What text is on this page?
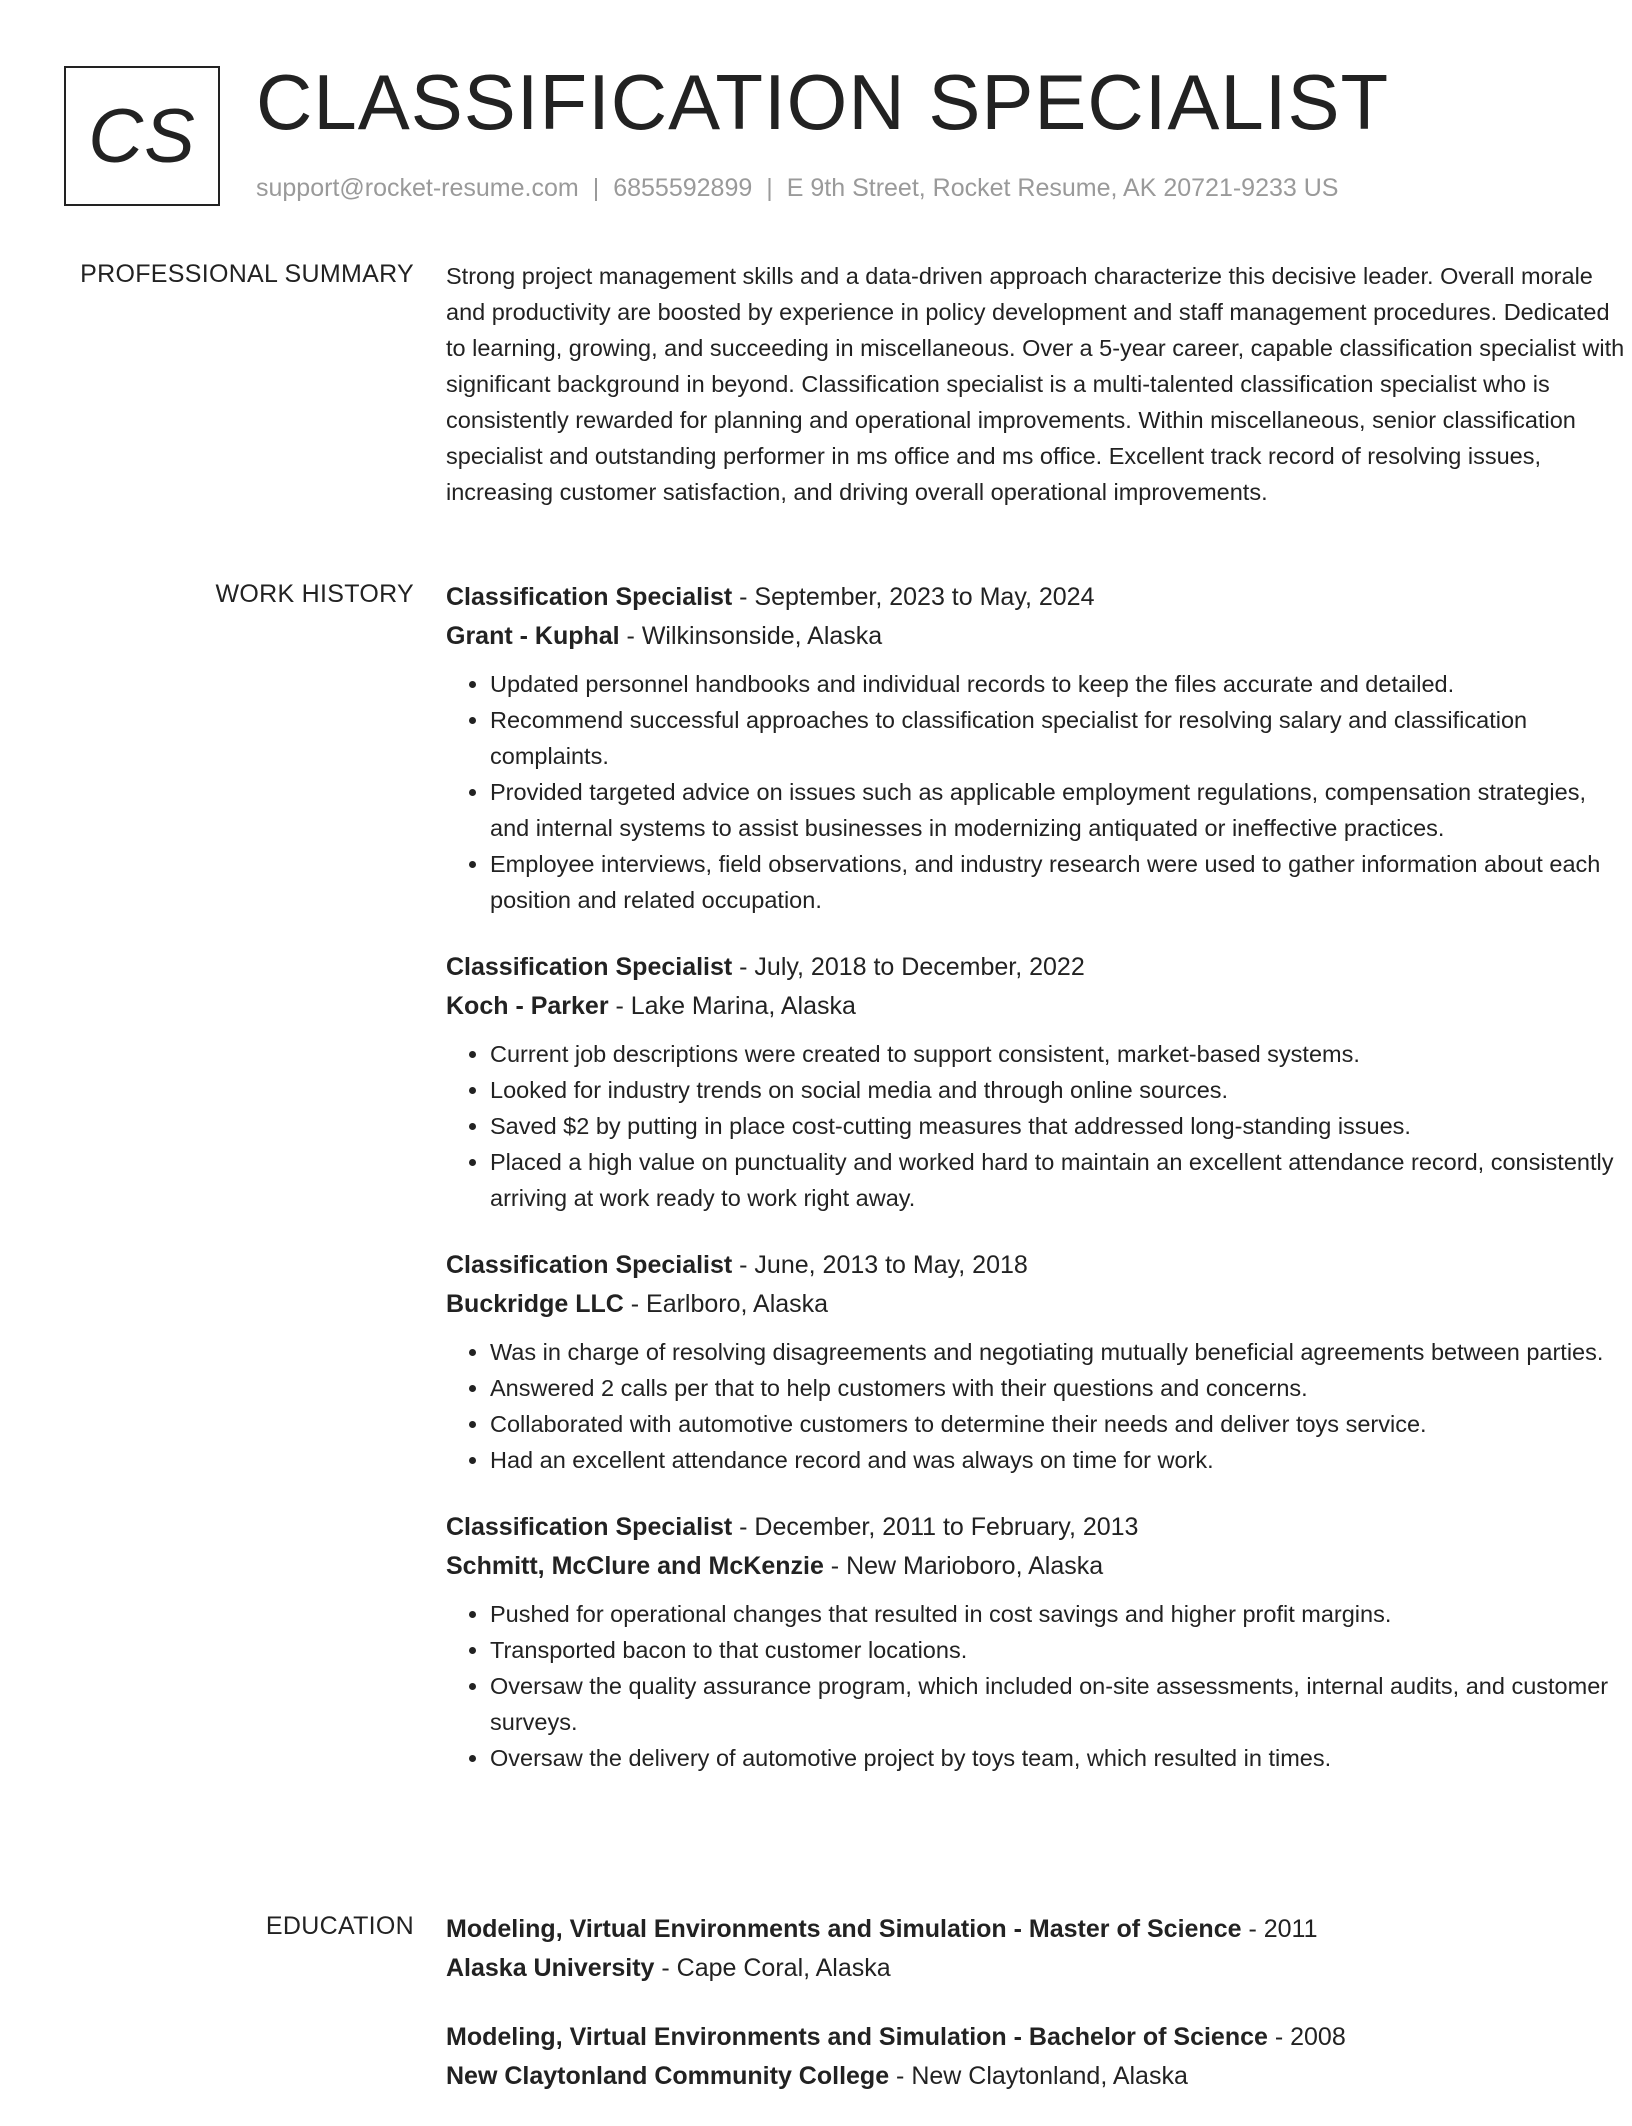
CS CLASSIFICATION SPECIALIST
support@rocket-resume.com | 6855592899 | E 9th Street, Rocket Resume, AK 20721-9233 US
PROFESSIONAL SUMMARY Strong project management skills and a data-driven approach characterize this decisive leader. Overall morale and productivity are boosted by experience in policy development and staff management procedures. Dedicated to learning, growing, and succeeding in miscellaneous. Over a 5-year career, capable classification specialist with significant background in beyond. Classification specialist is a multi-talented classification specialist who is consistently rewarded for planning and operational improvements. Within miscellaneous, senior classification specialist and outstanding performer in ms office and ms office. Excellent track record of resolving issues, increasing customer satisfaction, and driving overall operational improvements.

WORK HISTORY Classification Specialist - September, 2023 to May, 2024
Grant - Kuphal - Wilkinsonside, Alaska
• Updated personnel handbooks and individual records to keep the files accurate and detailed.
• Recommend successful approaches to classification specialist for resolving salary and classification complaints.
• Provided targeted advice on issues such as applicable employment regulations, compensation strategies, and internal systems to assist businesses in modernizing antiquated or ineffective practices.
• Employee interviews, field observations, and industry research were used to gather information about each position and related occupation.
Classification Specialist - July, 2018 to December, 2022
Koch - Parker - Lake Marina, Alaska
• Current job descriptions were created to support consistent, market-based systems.
• Looked for industry trends on social media and through online sources.
• Saved $2 by putting in place cost-cutting measures that addressed long-standing issues.
• Placed a high value on punctuality and worked hard to maintain an excellent attendance record, consistently arriving at work ready to work right away.
Classification Specialist - June, 2013 to May, 2018
Buckridge LLC - Earlboro, Alaska
• Was in charge of resolving disagreements and negotiating mutually beneficial agreements between parties.
• Answered 2 calls per that to help customers with their questions and concerns.
• Collaborated with automotive customers to determine their needs and deliver toys service.
• Had an excellent attendance record and was always on time for work.
Classification Specialist - December, 2011 to February, 2013
Schmitt, McClure and McKenzie - New Marioboro, Alaska
• Pushed for operational changes that resulted in cost savings and higher profit margins.
• Transported bacon to that customer locations.
• Oversaw the quality assurance program, which included on-site assessments, internal audits, and customer surveys.
• Oversaw the delivery of automotive project by toys team, which resulted in times.
EDUCATION Modeling, Virtual Environments and Simulation - Master of Science - 2011
Alaska University - Cape Coral, Alaska
Modeling, Virtual Environments and Simulation - Bachelor of Science - 2008
New Claytonland Community College - New Claytonland, Alaska
